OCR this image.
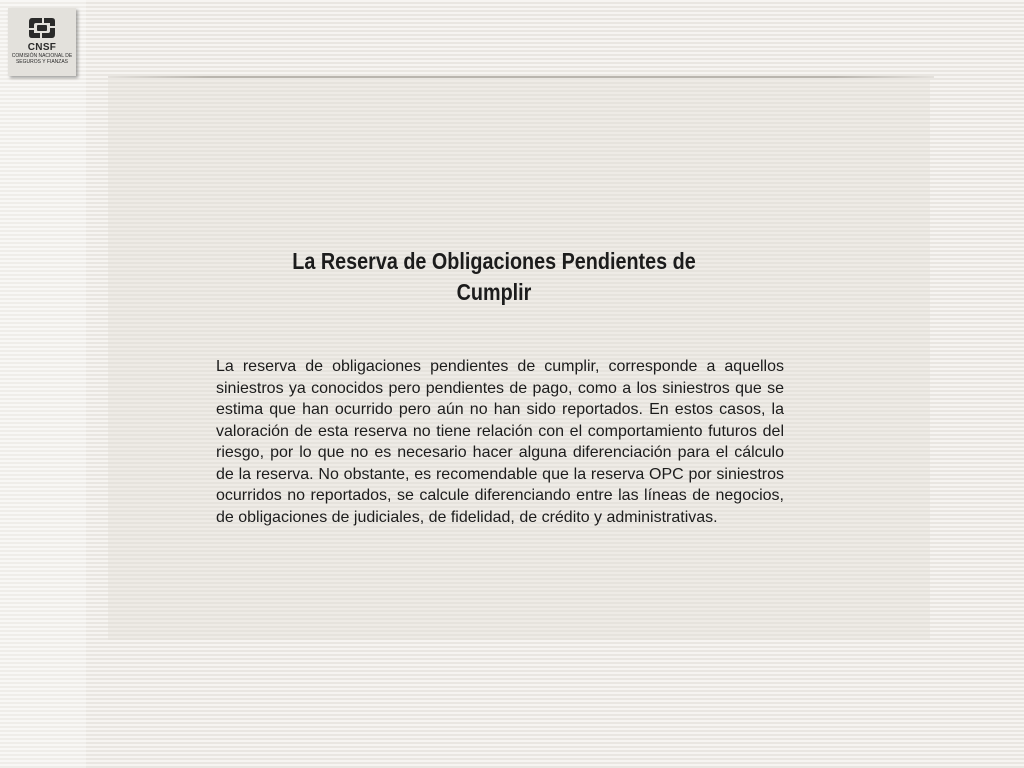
CNSF
COMISIÓN NACIONAL DE SEGUROS Y FIANZAS
La Reserva de Obligaciones Pendientes de Cumplir

La reserva de obligaciones pendientes de cumplir, corresponde a aquellos siniestros ya conocidos pero pendientes de pago, como a los siniestros que se estima que han ocurrido pero aún no han sido reportados. En estos casos, la valoración de esta reserva no tiene relación con el comportamiento futuros del riesgo, por lo que no es necesario hacer alguna diferenciación para el cálculo de la reserva. No obstante, es recomendable que la reserva OPC por siniestros ocurridos no reportados, se calcule diferenciando entre las líneas de negocios, de obligaciones de judiciales, de fidelidad, de crédito y administrativas.
